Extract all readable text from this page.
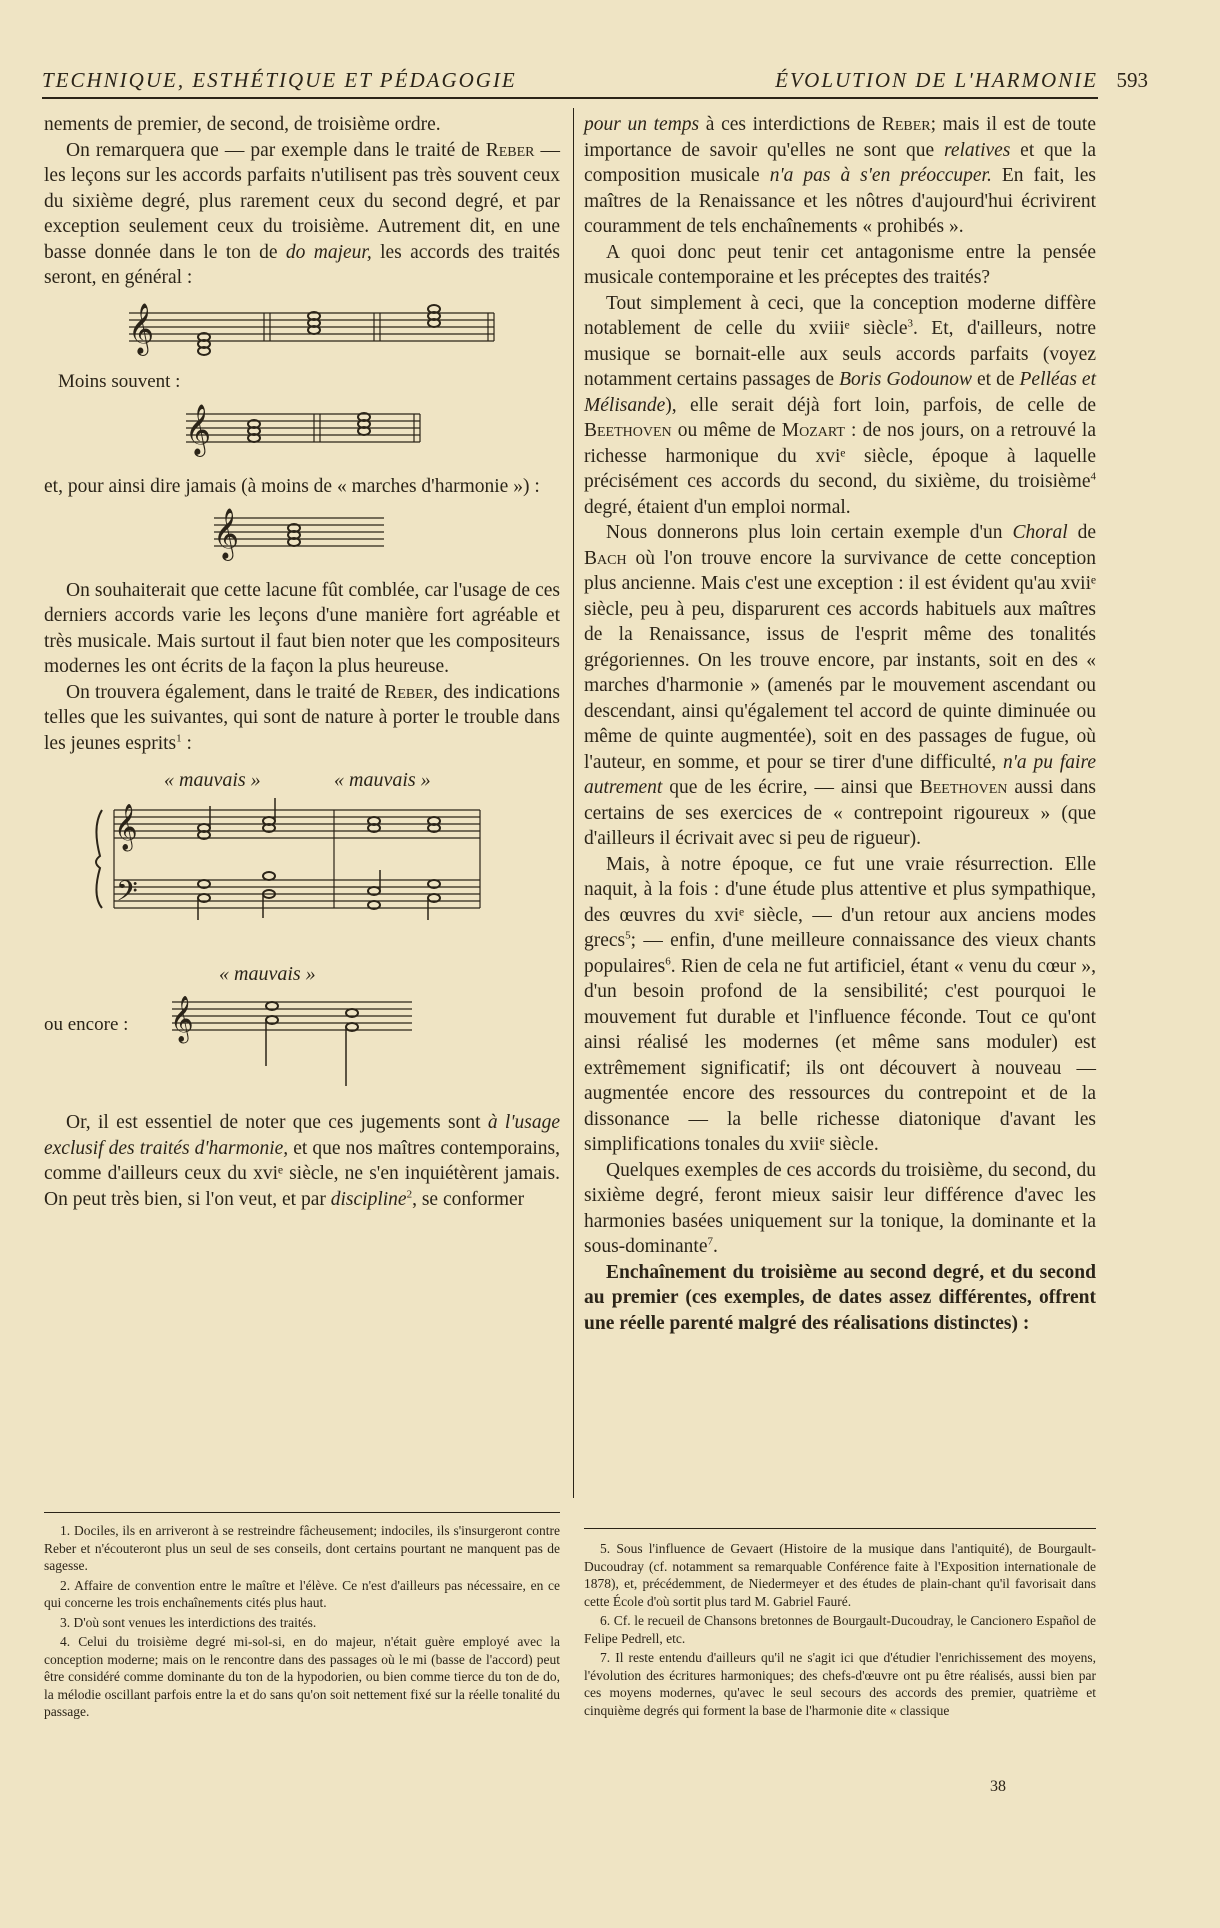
TECHNIQUE, ESTHÉTIQUE ET PÉDAGOGIE	ÉVOLUTION DE L'HARMONIE 593

nements de premier, de second, de troisième ordre.

On remarquera que — par exemple dans le traité de Reber — les leçons sur les accords parfaits n'utilisent pas très souvent ceux du sixième degré, plus rarement ceux du second degré, et par exception seulement ceux du troisième. Autrement dit, en une basse donnée dans le ton de do majeur, les accords des traités seront, en général :

𝄞

Moins souvent :

𝄞

et, pour ainsi dire jamais (à moins de « marches d'harmonie ») :

𝄞

On souhaiterait que cette lacune fût comblée, car l'usage de ces derniers accords varie les leçons d'une manière fort agréable et très musicale. Mais surtout il faut bien noter que les compositeurs modernes les ont écrits de la façon la plus heureuse.

On trouvera également, dans le traité de Reber, des indications telles que les suivantes, qui sont de nature à porter le trouble dans les jeunes esprits$^1$ :

« mauvais »	« mauvais »
𝄞
𝄢
« mauvais »
ou encore : 𝄞

Or, il est essentiel de noter que ces jugements sont à l'usage exclusif des traités d'harmonie, et que nos maîtres contemporains, comme d'ailleurs ceux du xviᵉ siècle, ne s'en inquiétèrent jamais. On peut très bien, si l'on veut, et par discipline$^2$, se conformer

pour un temps à ces interdictions de Reber; mais il est de toute importance de savoir qu'elles ne sont que relatives et que la composition musicale n'a pas à s'en préoccuper. En fait, les maîtres de la Renaissance et les nôtres d'aujourd'hui écrivirent couramment de tels enchaînements « prohibés ».

A quoi donc peut tenir cet antagonisme entre la pensée musicale contemporaine et les préceptes des traités?

Tout simplement à ceci, que la conception moderne diffère notablement de celle du xviiiᵉ siècle$^3$. Et, d'ailleurs, notre musique se bornait-elle aux seuls accords parfaits (voyez notamment certains passages de Boris Godounow et de Pelléas et Mélisande), elle serait déjà fort loin, parfois, de celle de Beethoven ou même de Mozart : de nos jours, on a retrouvé la richesse harmonique du xviᵉ siècle, époque à laquelle précisément ces accords du second, du sixième, du troisième$^4$ degré, étaient d'un emploi normal.

Nous donnerons plus loin certain exemple d'un Choral de Bach où l'on trouve encore la survivance de cette conception plus ancienne. Mais c'est une exception : il est évident qu'au xviiᵉ siècle, peu à peu, disparurent ces accords habituels aux maîtres de la Renaissance, issus de l'esprit même des tonalités grégoriennes. On les trouve encore, par instants, soit en des « marches d'harmonie » (amenés par le mouvement ascendant ou descendant, ainsi qu'également tel accord de quinte diminuée ou même de quinte augmentée), soit en des passages de fugue, où l'auteur, en somme, et pour se tirer d'une difficulté, n'a pu faire autrement que de les écrire, — ainsi que Beethoven aussi dans certains de ses exercices de « contrepoint rigoureux » (que d'ailleurs il écrivait avec si peu de rigueur).

Mais, à notre époque, ce fut une vraie résurrection. Elle naquit, à la fois : d'une étude plus attentive et plus sympathique, des œuvres du xviᵉ siècle, — d'un retour aux anciens modes grecs$^5$; — enfin, d'une meilleure connaissance des vieux chants populaires$^6$. Rien de cela ne fut artificiel, étant « venu du cœur », d'un besoin profond de la sensibilité; c'est pourquoi le mouvement fut durable et l'influence féconde. Tout ce qu'ont ainsi réalisé les modernes (et même sans moduler) est extrêmement significatif; ils ont découvert à nouveau — augmentée encore des ressources du contrepoint et de la dissonance — la belle richesse diatonique d'avant les simplifications tonales du xviiᵉ siècle.

Quelques exemples de ces accords du troisième, du second, du sixième degré, feront mieux saisir leur différence d'avec les harmonies basées uniquement sur la tonique, la dominante et la sous-dominante$^7$.

Enchaînement du troisième au second degré, et du second au premier (ces exemples, de dates assez différentes, offrent une réelle parenté malgré des réalisations distinctes) :

1. Dociles, ils en arriveront à se restreindre fâcheusement; indociles, ils s'insurgeront contre Reber et n'écouteront plus un seul de ses conseils, dont certains pourtant ne manquent pas de sagesse.

2. Affaire de convention entre le maître et l'élève. Ce n'est d'ailleurs pas nécessaire, en ce qui concerne les trois enchaînements cités plus haut.

3. D'où sont venues les interdictions des traités.

4. Celui du troisième degré mi-sol-si, en do majeur, n'était guère employé avec la conception moderne; mais on le rencontre dans des passages où le mi (basse de l'accord) peut être considéré comme dominante du ton de la hypodorien, ou bien comme tierce du ton de do, la mélodie oscillant parfois entre la et do sans qu'on soit nettement fixé sur la réelle tonalité du passage.

5. Sous l'influence de Gevaert (Histoire de la musique dans l'antiquité), de Bourgault-Ducoudray (cf. notamment sa remarquable Conférence faite à l'Exposition internationale de 1878), et, précédemment, de Niedermeyer et des études de plain-chant qu'il favorisait dans cette École d'où sortit plus tard M. Gabriel Fauré.

6. Cf. le recueil de Chansons bretonnes de Bourgault-Ducoudray, le Cancionero Español de Felipe Pedrell, etc.

7. Il reste entendu d'ailleurs qu'il ne s'agit ici que d'étudier l'enrichissement des moyens, l'évolution des écritures harmoniques; des chefs-d'œuvre ont pu être réalisés, aussi bien par ces moyens modernes, qu'avec le seul secours des accords des premier, quatrième et cinquième degrés qui forment la base de l'harmonie dite « classique

38
